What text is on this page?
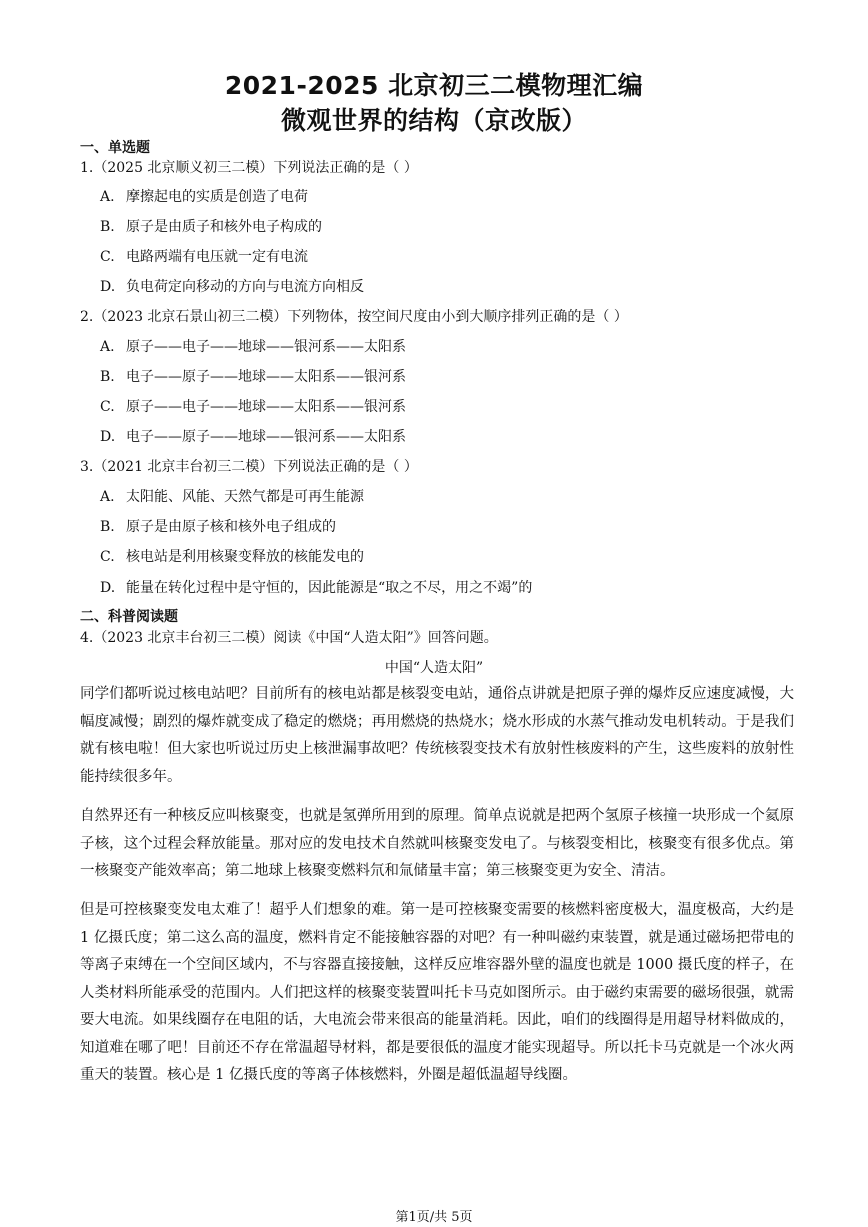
2021-2025 北京初三二模物理汇编
微观世界的结构（京改版）
一、单选题
1.（2025 北京顺义初三二模）下列说法正确的是（ ）
A. 摩擦起电的实质是创造了电荷
B. 原子是由质子和核外电子构成的
C. 电路两端有电压就一定有电流
D. 负电荷定向移动的方向与电流方向相反
2.（2023 北京石景山初三二模）下列物体，按空间尺度由小到大顺序排列正确的是（ ）
A. 原子——电子——地球——银河系——太阳系
B. 电子——原子——地球——太阳系——银河系
C. 原子——电子——地球——太阳系——银河系
D. 电子——原子——地球——银河系——太阳系
3.（2021 北京丰台初三二模）下列说法正确的是（ ）
A. 太阳能、风能、天然气都是可再生能源
B. 原子是由原子核和核外电子组成的
C. 核电站是利用核聚变释放的核能发电的
D. 能量在转化过程中是守恒的，因此能源是“取之不尽，用之不竭”的
二、科普阅读题
4.（2023 北京丰台初三二模）阅读《中国“人造太阳”》回答问题。
中国“人造太阳”
同学们都听说过核电站吧？目前所有的核电站都是核裂变电站，通俗点讲就是把原子弹的爆炸反应速度减慢，大幅度减慢；剧烈的爆炸就变成了稳定的燃烧；再用燃烧的热烧水；烧水形成的水蒸气推动发电机转动。于是我们就有核电啦！但大家也听说过历史上核泄漏事故吧？传统核裂变技术有放射性核废料的产生，这些废料的放射性能持续很多年。
自然界还有一种核反应叫核聚变，也就是氢弹所用到的原理。简单点说就是把两个氢原子核撞一块形成一个氦原子核，这个过程会释放能量。那对应的发电技术自然就叫核聚变发电了。与核裂变相比，核聚变有很多优点。第一核聚变产能效率高；第二地球上核聚变燃料氘和氚储量丰富；第三核聚变更为安全、清洁。
但是可控核聚变发电太难了！超乎人们想象的难。第一是可控核聚变需要的核燃料密度极大，温度极高，大约是 1 亿摄氏度；第二这么高的温度，燃料肯定不能接触容器的对吧？有一种叫磁约束装置，就是通过磁场把带电的等离子束缚在一个空间区域内，不与容器直接接触，这样反应堆容器外壁的温度也就是 1000 摄氏度的样子，在人类材料所能承受的范围内。人们把这样的核聚变装置叫托卡马克如图所示。由于磁约束需要的磁场很强，就需要大电流。如果线圈存在电阻的话，大电流会带来很高的能量消耗。因此，咱们的线圈得是用超导材料做成的，知道难在哪了吧！目前还不存在常温超导材料，都是要很低的温度才能实现超导。所以托卡马克就是一个冰火两重天的装置。核心是 1 亿摄氏度的等离子体核燃料，外圈是超低温超导线圈。
第1页/共 5页
